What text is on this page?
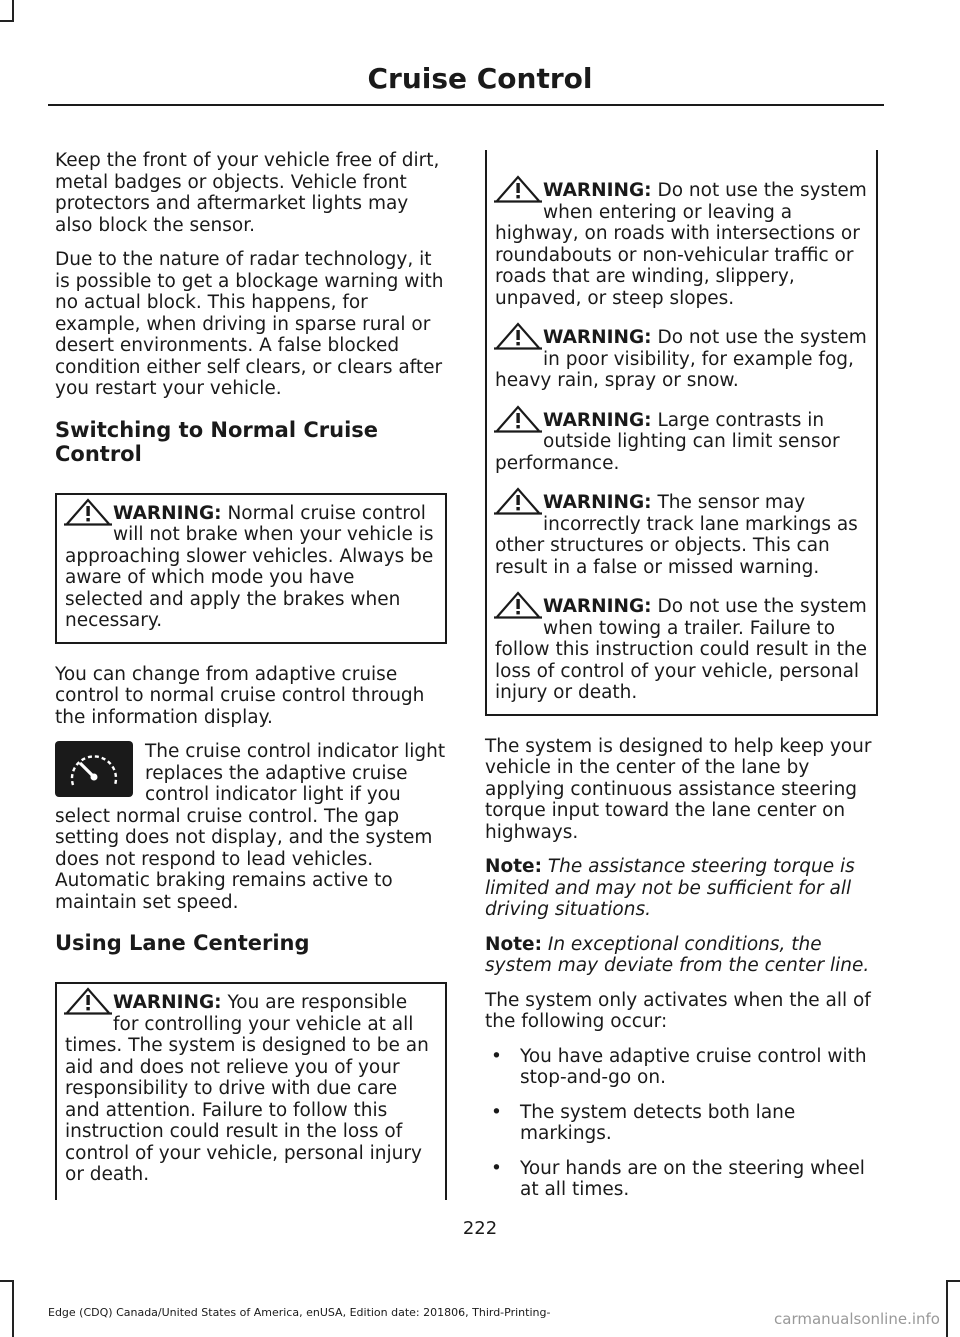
Cruise Control

Keep the front of your vehicle free of dirt, metal badges or objects. Vehicle front protectors and aftermarket lights may also block the sensor.

Due to the nature of radar technology, it is possible to get a blockage warning with no actual block. This happens, for example, when driving in sparse rural or desert environments. A false blocked condition either self clears, or clears after you restart your vehicle.

Switching to Normal Cruise Control
WARNING: Normal cruise control will not brake when your vehicle is approaching slower vehicles. Always be aware of which mode you have selected and apply the brakes when necessary.

You can change from adaptive cruise control to normal cruise control through the information display.

The cruise control indicator light replaces the adaptive cruise control indicator light if you select normal cruise control. The gap setting does not display, and the system does not respond to lead vehicles. Automatic braking remains active to maintain set speed.

Using Lane Centering
WARNING: You are responsible for controlling your vehicle at all times. The system is designed to be an aid and does not relieve you of your responsibility to drive with due care and attention. Failure to follow this instruction could result in the loss of control of your vehicle, personal injury or death.
WARNING: Do not use the system when entering or leaving a highway, on roads with intersections or roundabouts or non-vehicular traffic or roads that are winding, slippery, unpaved, or steep slopes.
WARNING: Do not use the system in poor visibility, for example fog, heavy rain, spray or snow.
WARNING: Large contrasts in outside lighting can limit sensor performance.
WARNING: The sensor may incorrectly track lane markings as other structures or objects. This can result in a false or missed warning.
WARNING: Do not use the system when towing a trailer. Failure to follow this instruction could result in the loss of control of your vehicle, personal injury or death.

The system is designed to help keep your vehicle in the center of the lane by applying continuous assistance steering torque input toward the lane center on highways.

Note: The assistance steering torque is limited and may not be sufficient for all driving situations.

Note: In exceptional conditions, the system may deviate from the center line.

The system only activates when the all of the following occur:

• You have adaptive cruise control with stop-and-go on.
• The system detects both lane markings.
• Your hands are on the steering wheel at all times.
222
Edge (CDQ) Canada/United States of America, enUSA, Edition date: 201806, Third-Printing-	carmanualsonline.info
